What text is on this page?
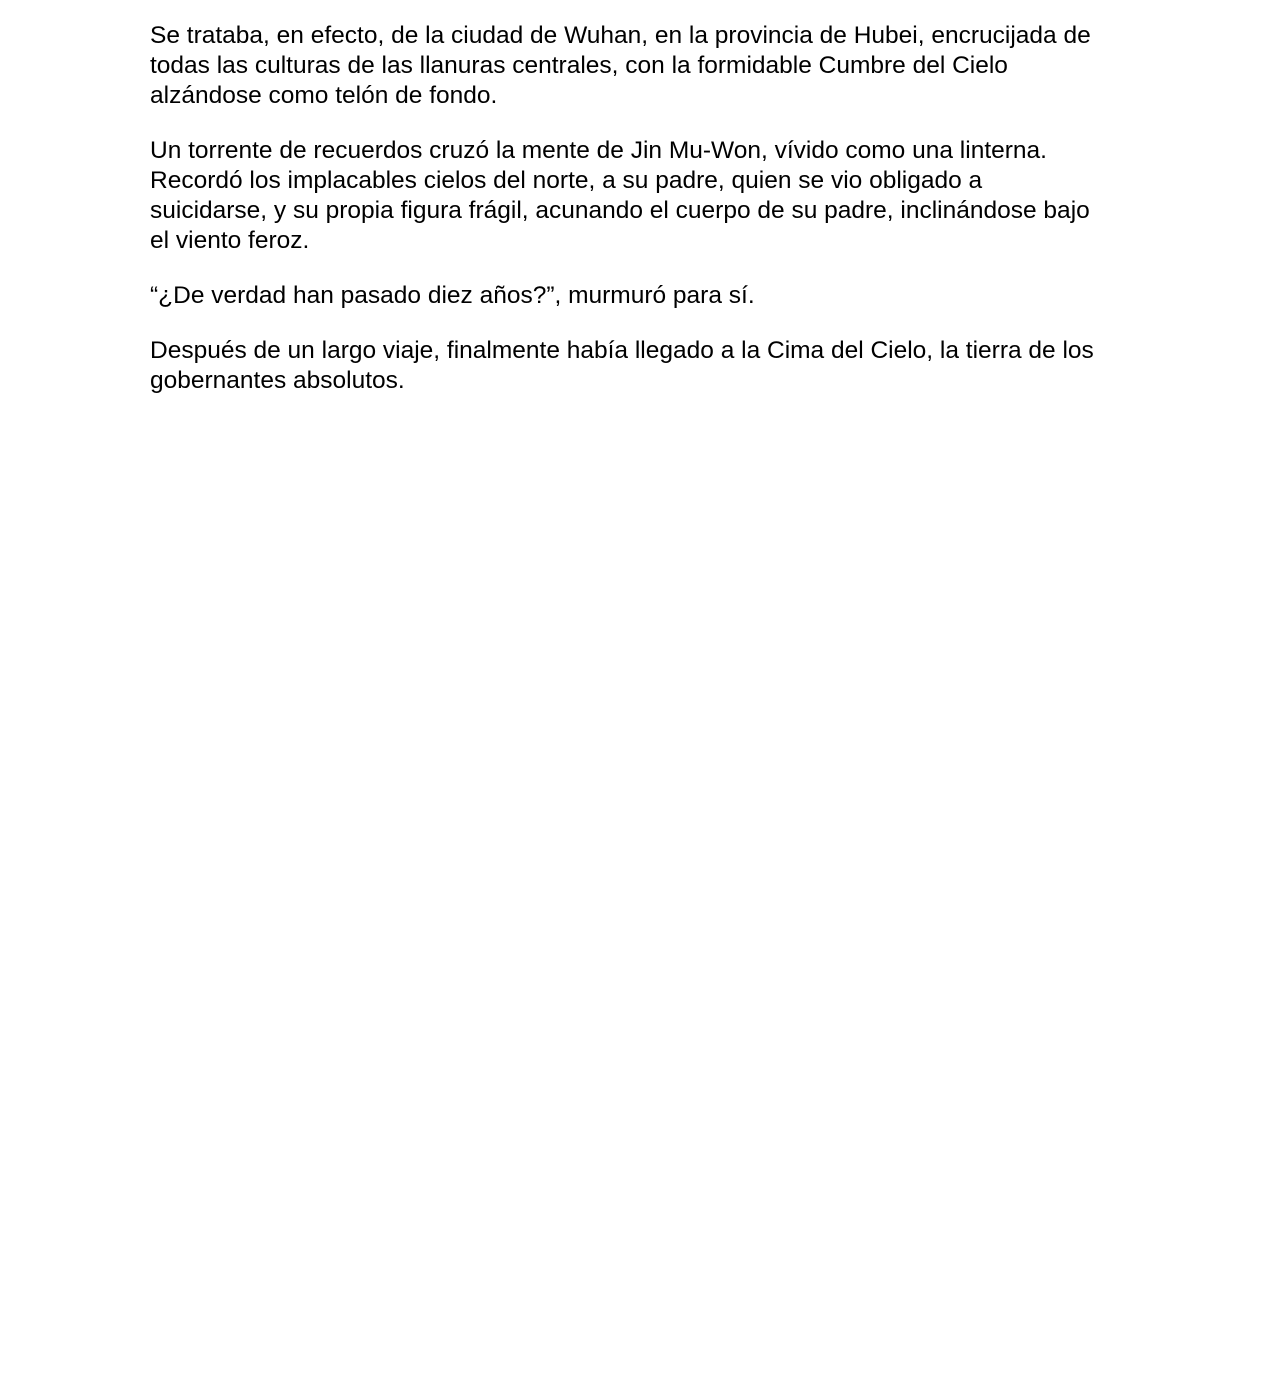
Se trataba, en efecto, de la ciudad de Wuhan, en la provincia de Hubei, encrucijada de
todas las culturas de las llanuras centrales, con la formidable Cumbre del Cielo
alzándose como telón de fondo.

Un torrente de recuerdos cruzó la mente de Jin Mu-Won, vívido como una linterna.
Recordó los implacables cielos del norte, a su padre, quien se vio obligado a
suicidarse, y su propia figura frágil, acunando el cuerpo de su padre, inclinándose bajo
el viento feroz.

“¿De verdad han pasado diez años?”, murmuró para sí.

Después de un largo viaje, finalmente había llegado a la Cima del Cielo, la tierra de los
gobernantes absolutos.
